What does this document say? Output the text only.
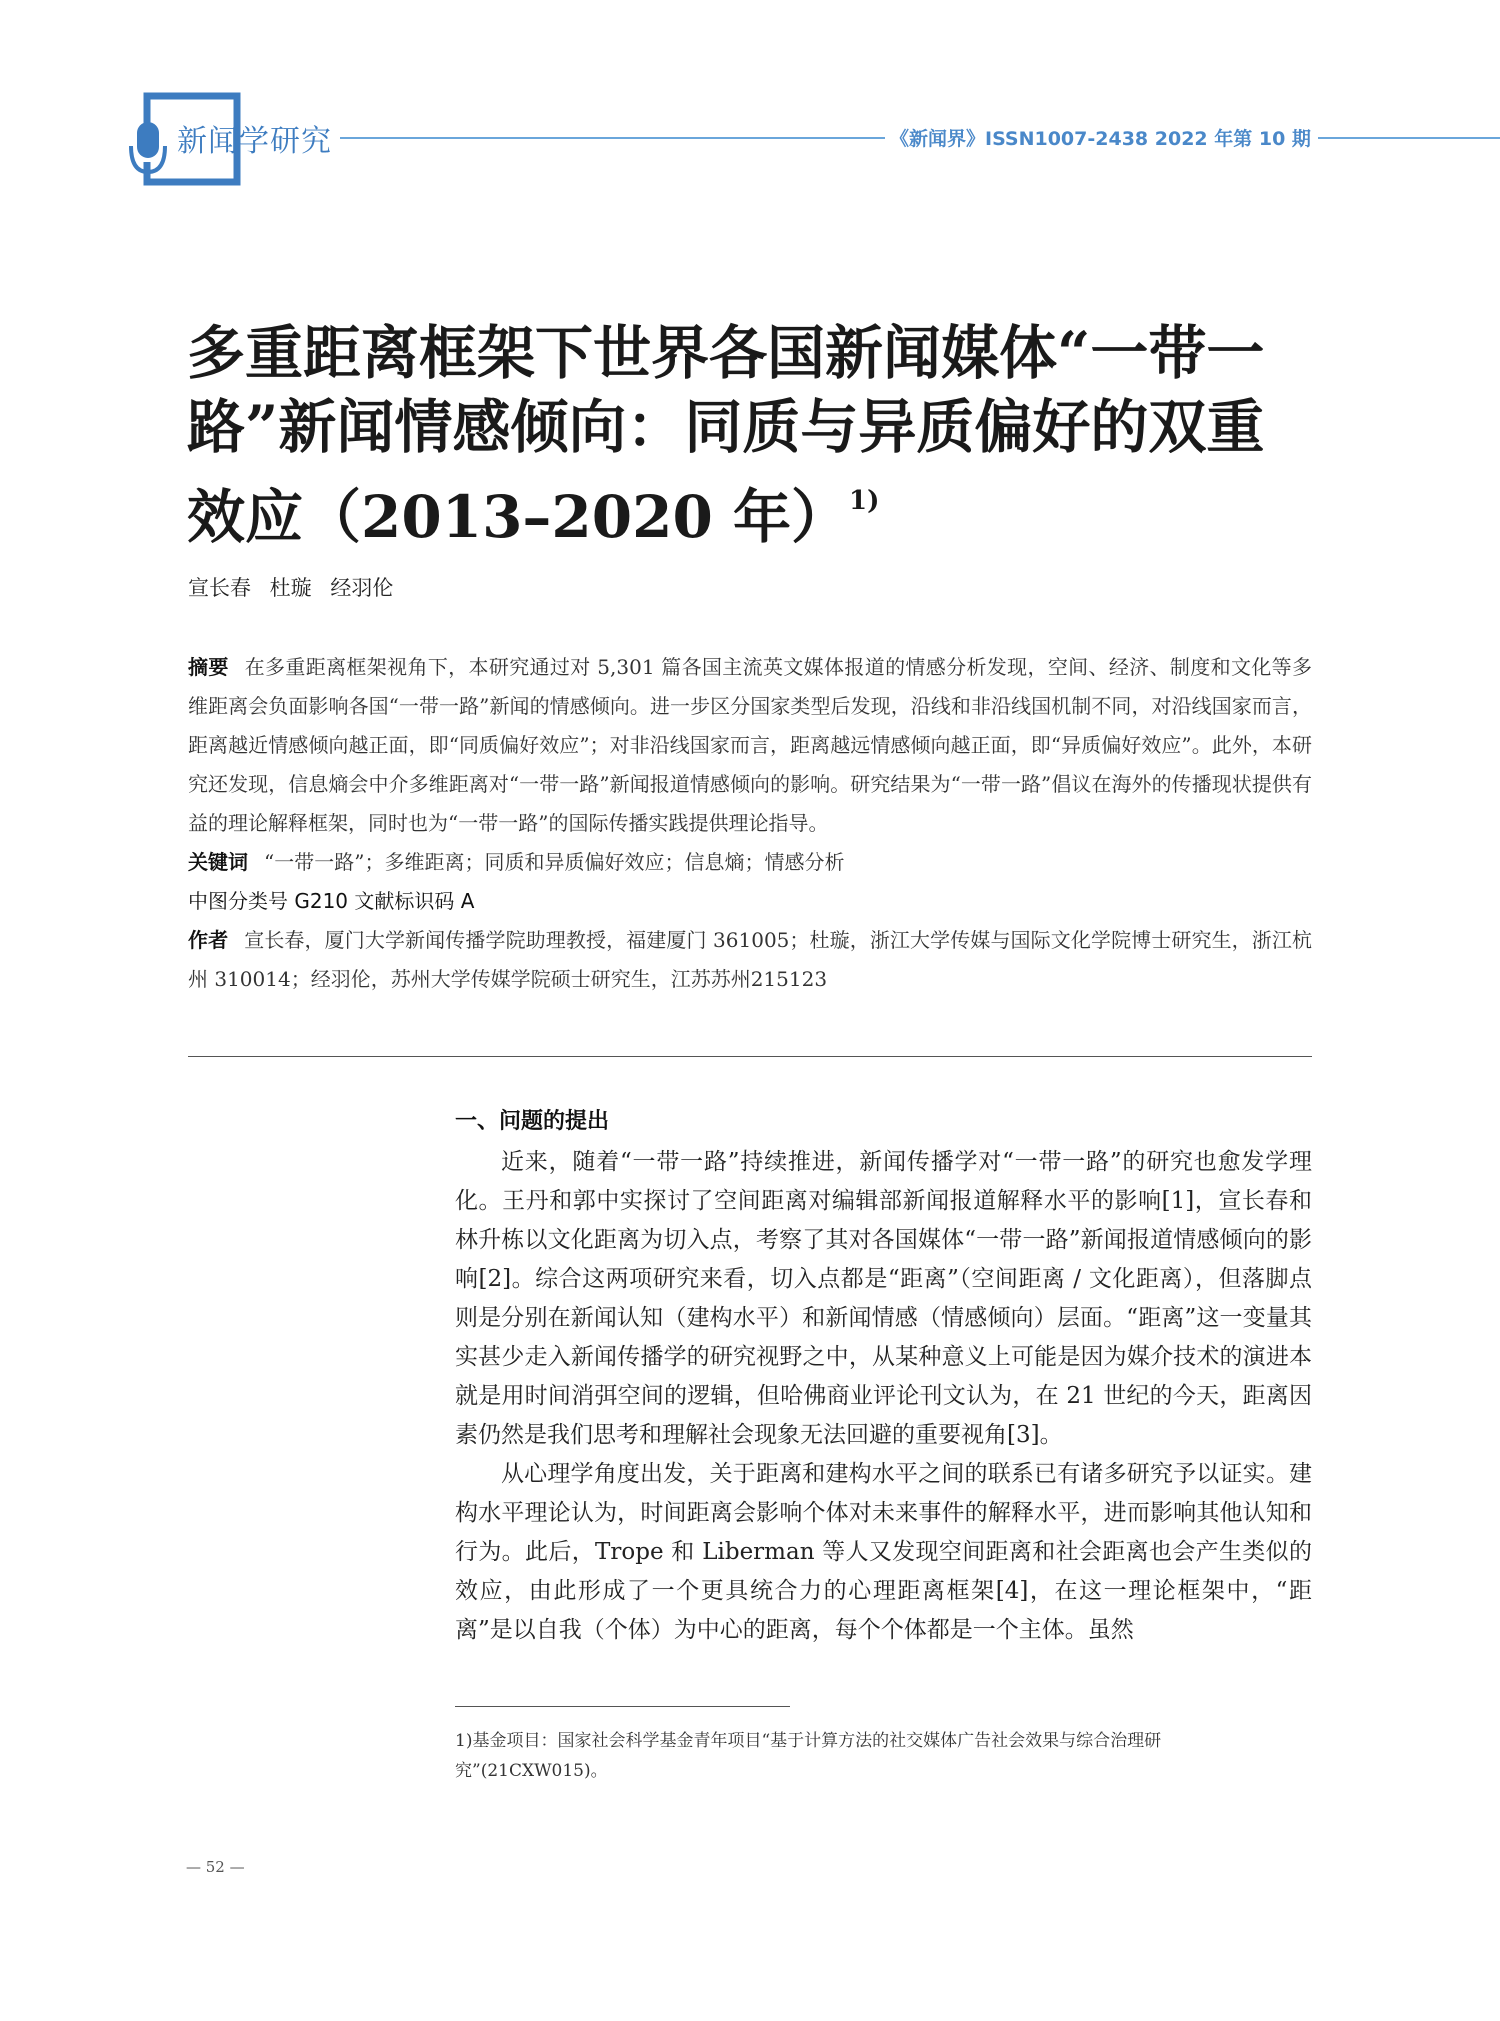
新闻学研究	《新闻界》ISSN1007-2438 2022 年第 10 期
多重距离框架下世界各国新闻媒体“一带一路”新闻情感倾向：同质与异质偏好的双重效应（2013–2020 年）$^{1)}$
宣长春 杜璇 经羽伦

摘要 在多重距离框架视角下，本研究通过对 5,301 篇各国主流英文媒体报道的情感分析发现，空间、经济、制度和文化等多维距离会负面影响各国“一带一路”新闻的情感倾向。进一步区分国家类型后发现，沿线和非沿线国机制不同，对沿线国家而言，距离越近情感倾向越正面，即“同质偏好效应”；对非沿线国家而言，距离越远情感倾向越正面，即“异质偏好效应”。此外，本研究还发现，信息熵会中介多维距离对“一带一路”新闻报道情感倾向的影响。研究结果为“一带一路”倡议在海外的传播现状提供有益的理论解释框架，同时也为“一带一路”的国际传播实践提供理论指导。

关键词 “一带一路”；多维距离；同质和异质偏好效应；信息熵；情感分析

中图分类号 G210 文献标识码 A

作者 宣长春，厦门大学新闻传播学院助理教授，福建厦门 361005；杜璇，浙江大学传媒与国际文化学院博士研究生，浙江杭州 310014；经羽伦，苏州大学传媒学院硕士研究生，江苏苏州215123

一、问题的提出

近来，随着“一带一路”持续推进，新闻传播学对“一带一路”的研究也愈发学理化。王丹和郭中实探讨了空间距离对编辑部新闻报道解释水平的影响[1]，宣长春和林升栋以文化距离为切入点，考察了其对各国媒体“一带一路”新闻报道情感倾向的影响[2]。综合这两项研究来看，切入点都是“距离”（空间距离 / 文化距离），但落脚点则是分别在新闻认知（建构水平）和新闻情感（情感倾向）层面。“距离”这一变量其实甚少走入新闻传播学的研究视野之中，从某种意义上可能是因为媒介技术的演进本就是用时间消弭空间的逻辑，但哈佛商业评论刊文认为，在 21 世纪的今天，距离因素仍然是我们思考和理解社会现象无法回避的重要视角[3]。

从心理学角度出发，关于距离和建构水平之间的联系已有诸多研究予以证实。建构水平理论认为，时间距离会影响个体对未来事件的解释水平，进而影响其他认知和行为。此后，Trope 和 Liberman 等人又发现空间距离和社会距离也会产生类似的效应，由此形成了一个更具统合力的心理距离框架[4]，在这一理论框架中，“距离”是以自我（个体）为中心的距离，每个个体都是一个主体。虽然

1)基金项目：国家社会科学基金青年项目“基于计算方法的社交媒体广告社会效果与综合治理研究”(21CXW015)。

— 52 —
